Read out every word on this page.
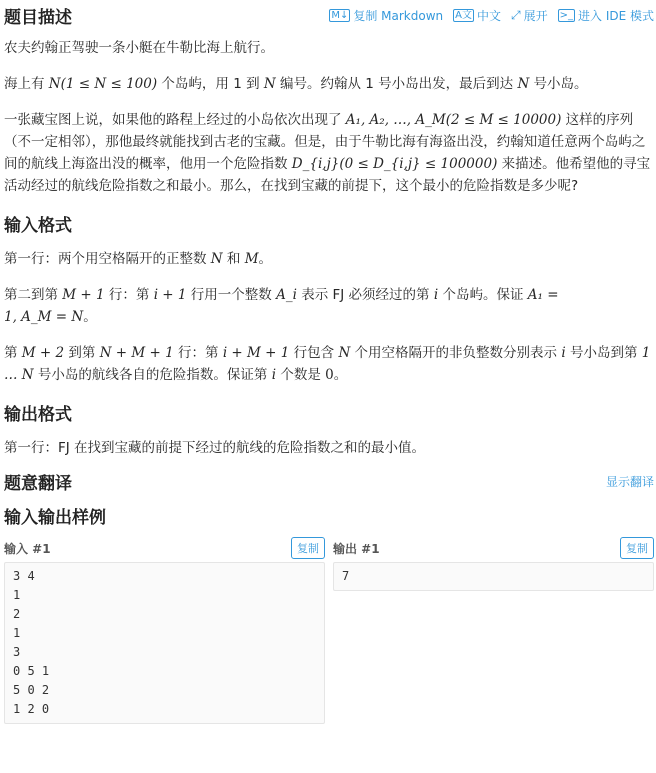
题目描述	M↓ 复制 Markdown A文 中文 ⤢ 展开 >_ 进入 IDE 模式

农夫约翰正驾驶一条小艇在牛勒比海上航行。

海上有 N(1 ≤ N ≤ 100) 个岛屿，用 1 到 N 编号。约翰从 1 号小岛出发，最后到达 N 号小岛。

一张藏宝图上说，如果他的路程上经过的小岛依次出现了 A₁, A₂, …, A_M(2 ≤ M ≤ 10000) 这样的序列（不一定相邻），那他最终就能找到古老的宝藏。但是，由于牛勒比海有海盗出没，约翰知道任意两个岛屿之间的航线上海盗出没的概率，他用一个危险指数 D_{i,j}(0 ≤ D_{i,j} ≤ 100000) 来描述。他希望他的寻宝活动经过的航线危险指数之和最小。那么，在找到宝藏的前提下，这个最小的危险指数是多少呢?

输入格式

第一行：两个用空格隔开的正整数 N 和 M。

第二到第 M + 1 行：第 i + 1 行用一个整数 A_i 表示 FJ 必须经过的第 i 个岛屿。保证 A₁ =
1, A_M = N。

第 M + 2 到第 N + M + 1 行：第 i + M + 1 行包含 N 个用空格隔开的非负整数分别表示 i 号小岛到第 1 … N 号小岛的航线各自的危险指数。保证第 i 个数是 0。

输出格式

第一行：FJ 在找到宝藏的前提下经过的航线的危险指数之和的最小值。

题意翻译	显示翻译
输入输出样例
输入 #1	复制
3 4
1
2
1
3
0 5 1
5 0 2
1 2 0
输出 #1	复制
7
